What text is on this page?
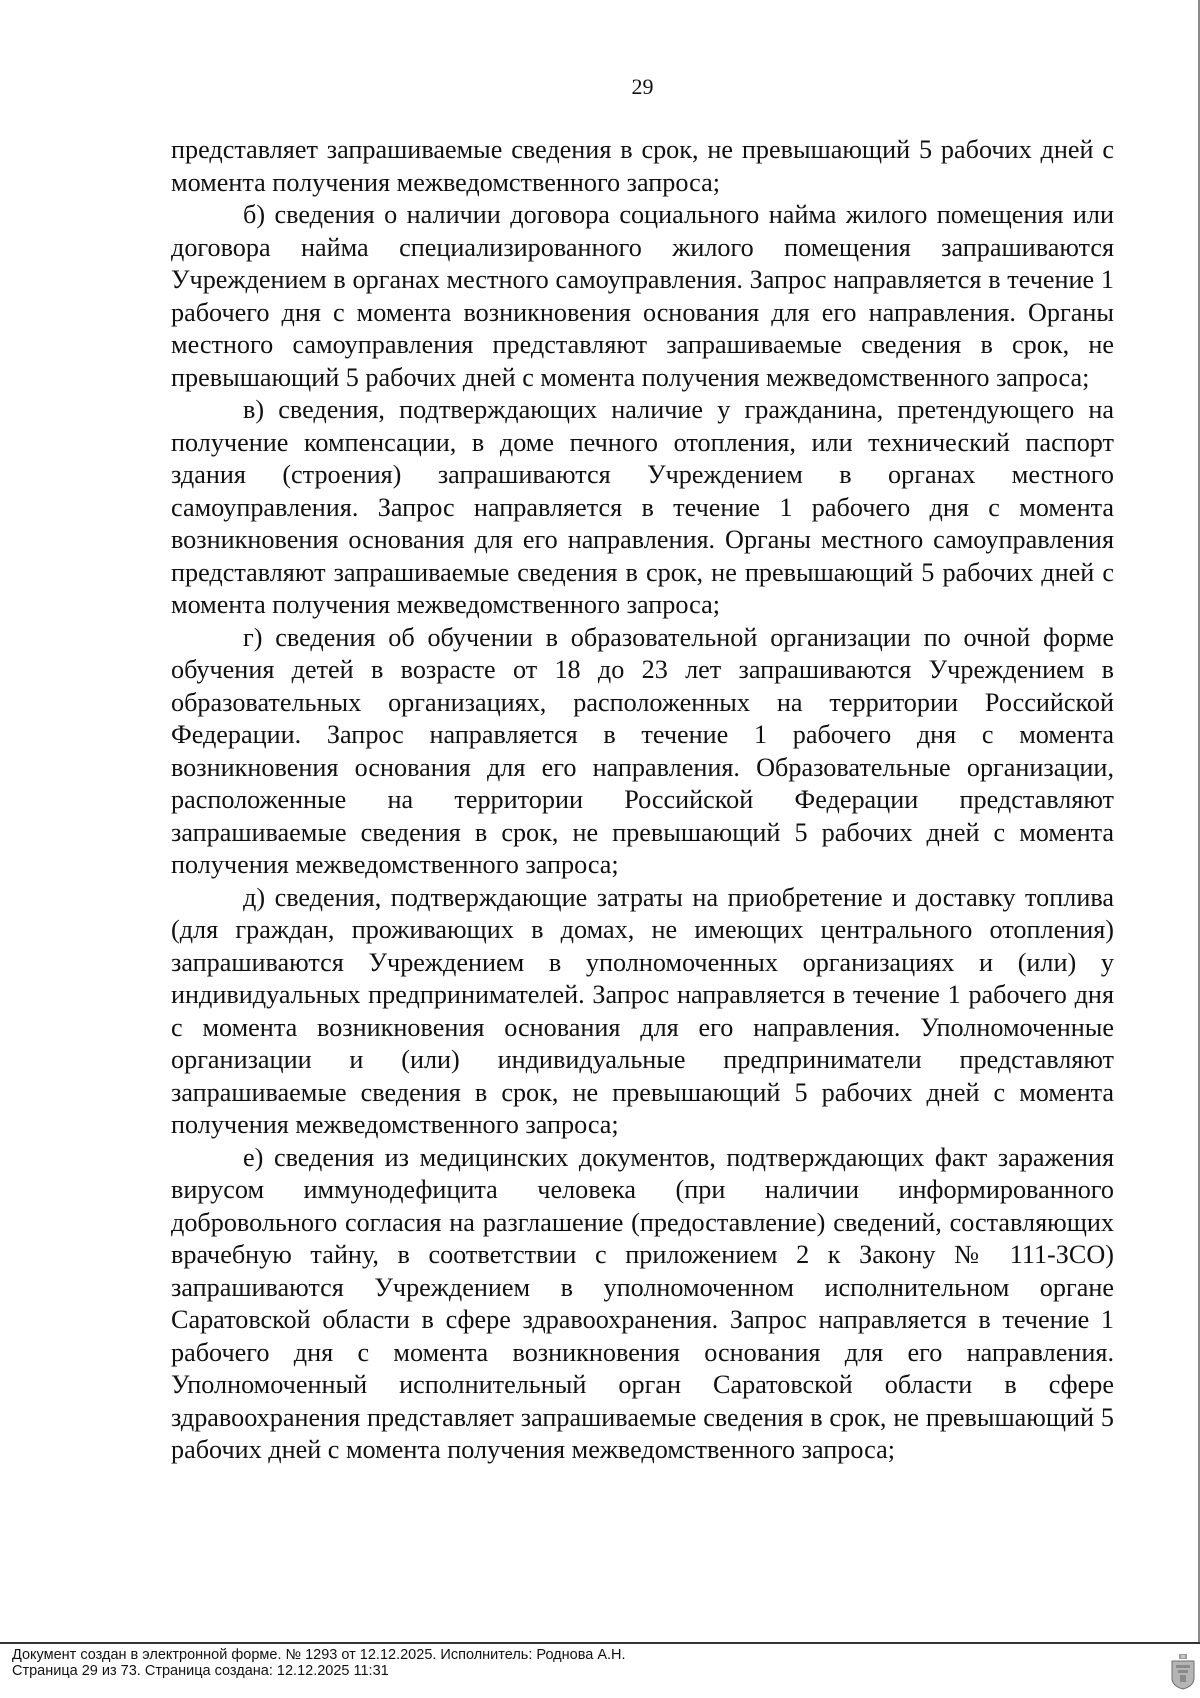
29

представляет запрашиваемые сведения в срок, не превышающий 5 рабочих дней с момента получения межведомственного запроса;

б) сведения о наличии договора социального найма жилого помещения или договора найма специализированного жилого помещения запрашиваются Учреждением в органах местного самоуправления. Запрос направляется в течение 1 рабочего дня с момента возникновения основания для его направления. Органы местного самоуправления представляют запрашиваемые сведения в срок, не превышающий 5 рабочих дней с момента получения межведомственного запроса;

в) сведения, подтверждающих наличие у гражданина, претендующего на получение компенсации, в доме печного отопления, или технический паспорт здания (строения) запрашиваются Учреждением в органах местного самоуправления. Запрос направляется в течение 1 рабочего дня с момента возникновения основания для его направления. Органы местного самоуправления представляют запрашиваемые сведения в срок, не превышающий 5 рабочих дней с момента получения межведомственного запроса;

г) сведения об обучении в образовательной организации по очной форме обучения детей в возрасте от 18 до 23 лет запрашиваются Учреждением в образовательных организациях, расположенных на территории Российской Федерации. Запрос направляется в течение 1 рабочего дня с момента возникновения основания для его направления. Образовательные организации, расположенные на территории Российской Федерации представляют запрашиваемые сведения в срок, не превышающий 5 рабочих дней с момента получения межведомственного запроса;

д) сведения, подтверждающие затраты на приобретение и доставку топлива (для граждан, проживающих в домах, не имеющих центрального отопления) запрашиваются Учреждением в уполномоченных организациях и (или) у индивидуальных предпринимателей. Запрос направляется в течение 1 рабочего дня с момента возникновения основания для его направления. Уполномоченные организации и (или) индивидуальные предприниматели представляют запрашиваемые сведения в срок, не превышающий 5 рабочих дней с момента получения межведомственного запроса;

е) сведения из медицинских документов, подтверждающих факт заражения вирусом иммунодефицита человека (при наличии информированного добровольного согласия на разглашение (предоставление) сведений, составляющих врачебную тайну, в соответствии с приложением 2 к Закону № 111-ЗСО) запрашиваются Учреждением в уполномоченном исполнительном органе Саратовской области в сфере здравоохранения. Запрос направляется в течение 1 рабочего дня с момента возникновения основания для его направления. Уполномоченный исполнительный орган Саратовской области в сфере здравоохранения представляет запрашиваемые сведения в срок, не превышающий 5 рабочих дней с момента получения межведомственного запроса;

Документ создан в электронной форме. № 1293 от 12.12.2025. Исполнитель: Роднова А.Н.
Страница 29 из 73. Страница создана: 12.12.2025 11:31
